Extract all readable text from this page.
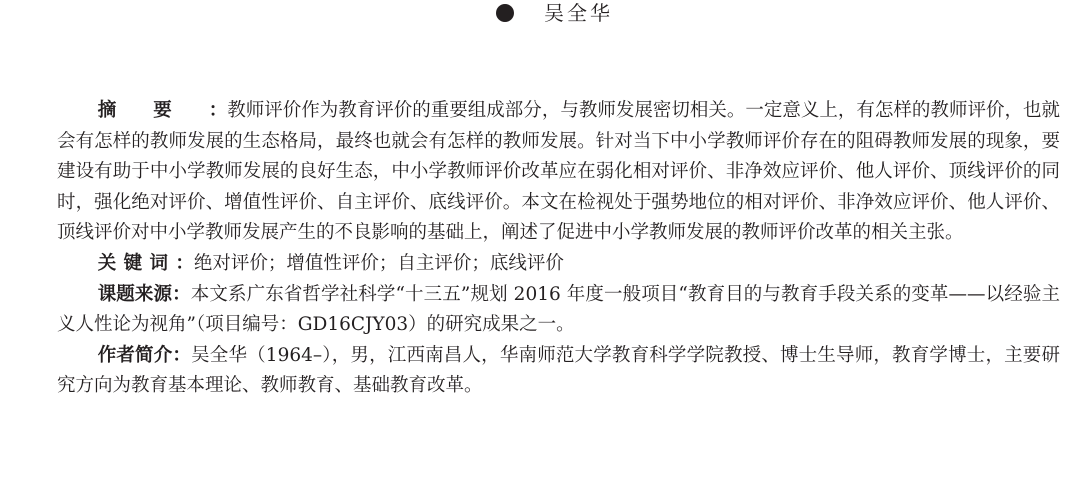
吴全华

摘要：教师评价作为教育评价的重要组成部分，与教师发展密切相关。一定意义上，有怎样的教师评价，也就会有怎样的教师发展的生态格局，最终也就会有怎样的教师发展。针对当下中小学教师评价存在的阻碍教师发展的现象，要建设有助于中小学教师发展的良好生态，中小学教师评价改革应在弱化相对评价、非净效应评价、他人评价、顶线评价的同时，强化绝对评价、增值性评价、自主评价、底线评价。本文在检视处于强势地位的相对评价、非净效应评价、他人评价、顶线评价对中小学教师发展产生的不良影响的基础上，阐述了促进中小学教师发展的教师评价改革的相关主张。

关键词：绝对评价；增值性评价；自主评价；底线评价

课题来源：本文系广东省哲学社科学“十三五”规划 2016 年度一般项目“教育目的与教育手段关系的变革——以经验主义人性论为视角”（项目编号：GD16CJY03）的研究成果之一。

作者简介：吴全华（1964–），男，江西南昌人，华南师范大学教育科学学院教授、博士生导师，教育学博士，主要研究方向为教育基本理论、教师教育、基础教育改革。
